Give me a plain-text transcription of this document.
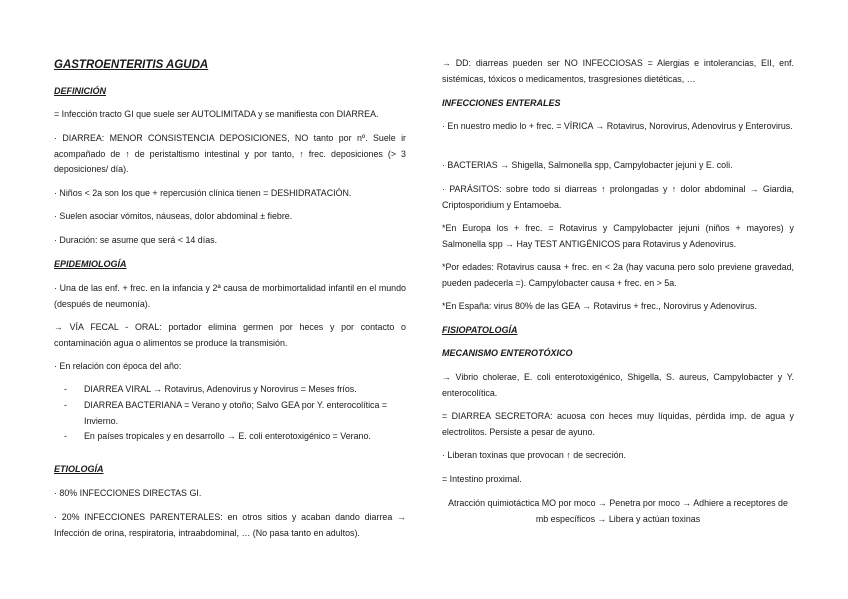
GASTROENTERITIS AGUDA
DEFINICIÓN
= Infección tracto GI que suele ser AUTOLIMITADA y se manifiesta con DIARREA.
· DIARREA: MENOR CONSISTENCIA DEPOSICIONES, NO tanto por nº. Suele ir acompañado de ↑ de peristaltismo intestinal y por tanto, ↑ frec. deposiciones (> 3 deposiciones/ día).
· Niños < 2a son los que + repercusión clínica tienen = DESHIDRATACIÓN.
· Suelen asociar vómitos, náuseas, dolor abdominal ± fiebre.
· Duración: se asume que será < 14 días.
EPIDEMIOLOGÍA
· Una de las enf. + frec. en la infancia y 2ª causa de morbimortalidad infantil en el mundo (después de neumonía).
→ VÍA FECAL - ORAL: portador elimina germen por heces y por contacto o contaminación agua o alimentos se produce la transmisión.
· En relación con época del año:
- DIARREA VIRAL → Rotavirus, Adenovirus y Norovirus = Meses fríos.
- DIARREA BACTERIANA = Verano y otoño; Salvo GEA por Y. enterocolítica = Invierno.
- En países tropicales y en desarrollo → E. coli enterotoxigénico = Verano.
ETIOLOGÍA
· 80% INFECCIONES DIRECTAS GI.
· 20% INFECCIONES PARENTERALES: en otros sitios y acaban dando diarrea → Infección de orina, respiratoria, intraabdominal, … (No pasa tanto en adultos).
→ DD: diarreas pueden ser NO INFECCIOSAS = Alergias e intolerancias, EII, enf. sistémicas, tóxicos o medicamentos, trasgresiones dietéticas, …
INFECCIONES ENTERALES
· En nuestro medio lo + frec. = VÍRICA → Rotavirus, Norovirus, Adenovirus y Enterovirus.
· BACTERIAS → Shigella, Salmonella spp, Campylobacter jejuni y E. coli.
· PARÁSITOS: sobre todo si diarreas ↑ prolongadas y ↑ dolor abdominal → Giardia, Criptosporidium y Entamoeba.
*En Europa los + frec. = Rotavirus y Campylobacter jejuni (niños + mayores) y Salmonella spp → Hay TEST ANTIGÉNICOS para Rotavirus y Adenovirus.
*Por edades: Rotavirus causa + frec. en < 2a (hay vacuna pero solo previene gravedad, pueden padecerla =). Campylobacter causa + frec. en > 5a.
*En España: virus 80% de las GEA → Rotavirus + frec., Norovirus y Adenovirus.
FISIOPATOLOGÍA
MECANISMO ENTEROTÓXICO
→ Vibrio cholerae, E. coli enterotoxigénico, Shigella, S. aureus, Campylobacter y Y. enterocolítica.
= DIARREA SECRETORA: acuosa con heces muy líquidas, pérdida imp. de agua y electrolitos. Persiste a pesar de ayuno.
· Liberan toxinas que provocan ↑ de secreción.
= Intestino proximal.
Atracción quimiotáctica MO por moco → Penetra por moco → Adhiere a receptores de mb específicos → Libera y actúan toxinas
